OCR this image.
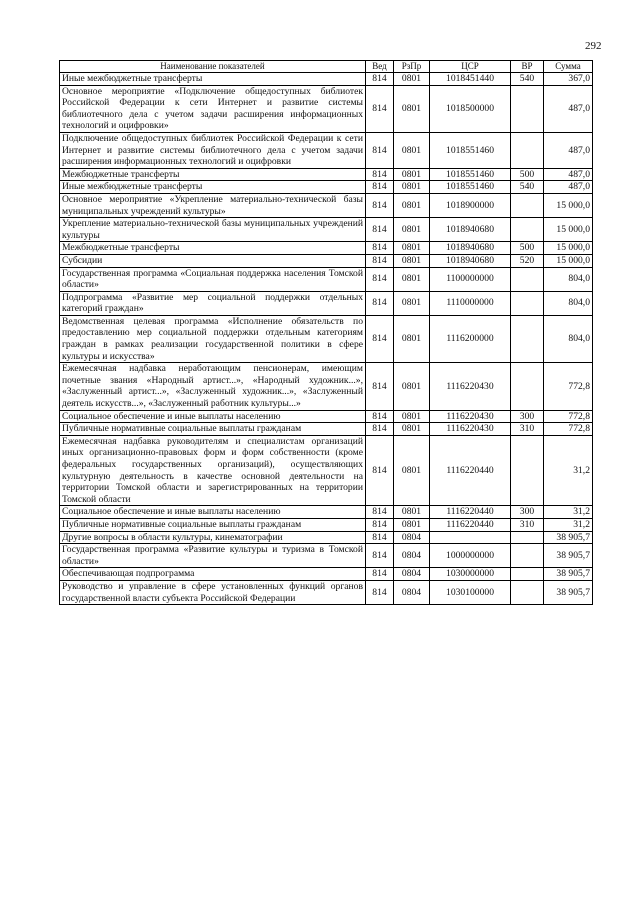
292
Наименование показателей	Вед	РзПр	ЦСР	ВР	Сумма
Иные межбюджетные трансферты	814	0801	1018451440	540	367,0
Основное мероприятие «Подключение общедоступных библиотек Российской Федерации к сети Интернет и развитие системы библиотечного дела с учетом задачи расширения информационных технологий и оцифровки»	814	0801	1018500000		487,0
Подключение общедоступных библиотек Российской Федерации к сети Интернет и развитие системы библиотечного дела с учетом задачи расширения информационных технологий и оцифровки	814	0801	1018551460		487,0
Межбюджетные трансферты	814	0801	1018551460	500	487,0
Иные межбюджетные трансферты	814	0801	1018551460	540	487,0
Основное мероприятие «Укрепление материально-технической базы муниципальных учреждений культуры»	814	0801	1018900000		15 000,0
Укрепление материально-технической базы муниципальных учреждений культуры	814	0801	1018940680		15 000,0
Межбюджетные трансферты	814	0801	1018940680	500	15 000,0
Субсидии	814	0801	1018940680	520	15 000,0
Государственная программа «Социальная поддержка населения Томской области»	814	0801	1100000000		804,0
Подпрограмма «Развитие мер социальной поддержки отдельных категорий граждан»	814	0801	1110000000		804,0
Ведомственная целевая программа «Исполнение обязательств по предоставлению мер социальной поддержки отдельным категориям граждан в рамках реализации государственной политики в сфере культуры и искусства»	814	0801	1116200000		804,0
Ежемесячная надбавка неработающим пенсионерам, имеющим почетные звания «Народный артист...», «Народный художник...», «Заслуженный артист...», «Заслуженный художник...», «Заслуженный деятель искусств...», «Заслуженный работник культуры...»	814	0801	1116220430		772,8
Социальное обеспечение и иные выплаты населению	814	0801	1116220430	300	772,8
Публичные нормативные социальные выплаты гражданам	814	0801	1116220430	310	772,8
Ежемесячная надбавка руководителям и специалистам организаций иных организационно-правовых форм и форм собственности (кроме федеральных государственных организаций), осуществляющих культурную деятельность в качестве основной деятельности на территории Томской области и зарегистрированных на территории Томской области	814	0801	1116220440		31,2
Социальное обеспечение и иные выплаты населению	814	0801	1116220440	300	31,2
Публичные нормативные социальные выплаты гражданам	814	0801	1116220440	310	31,2
Другие вопросы в области культуры, кинематографии	814	0804			38 905,7
Государственная программа «Развитие культуры и туризма в Томской области»	814	0804	1000000000		38 905,7
Обеспечивающая подпрограмма	814	0804	1030000000		38 905,7
Руководство и управление в сфере установленных функций органов государственной власти субъекта Российской Федерации	814	0804	1030100000		38 905,7
